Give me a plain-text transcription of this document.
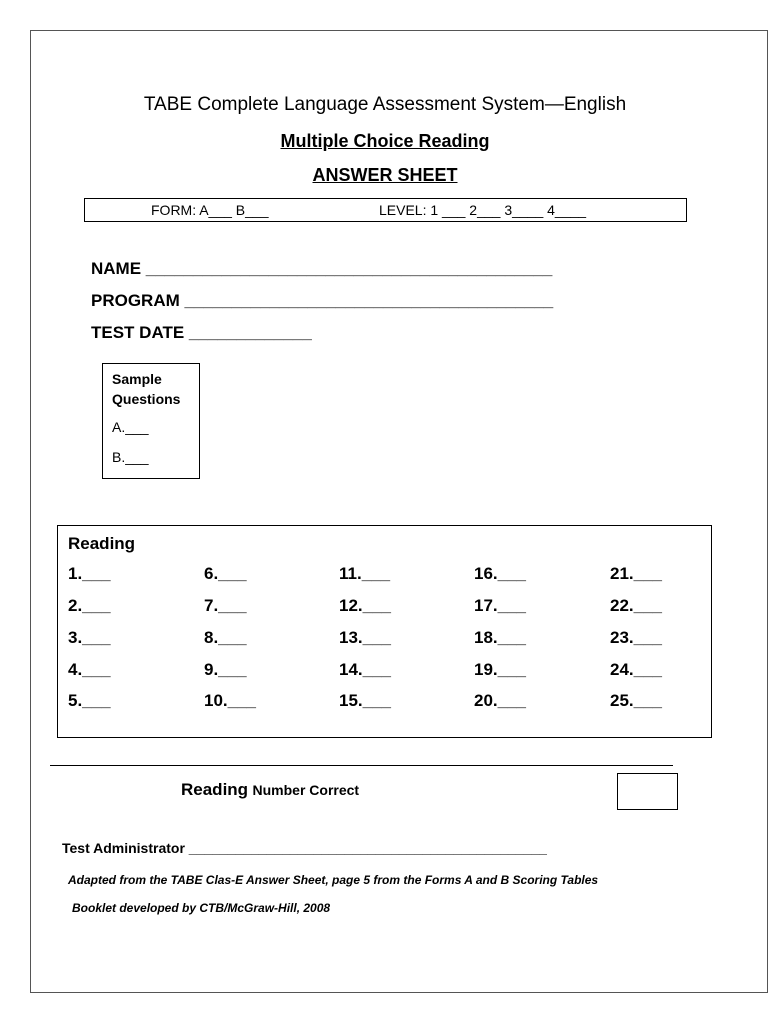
TABE Complete Language Assessment System—English
Multiple Choice Reading
ANSWER SHEET
FORM: A___ B___	LEVEL: 1 ___ 2___ 3____ 4____
NAME ___________________________________________
PROGRAM _______________________________________
TEST DATE _____________
Sample
Questions
A.___
B.___
Reading
1.___	6.___	11.___	16.___	21.___
2.___	7.___	12.___	17.___	22.___
3.___	8.___	13.___	18.___	23.___
4.___	9.___	14.___	19.___	24.___
5.___	10.___	15.___	20.___	25.___
Reading Number Correct
Test Administrator ______________________________________________
Adapted from the TABE Clas-E Answer Sheet, page 5 from the Forms A and B Scoring Tables
Booklet developed by CTB/McGraw-Hill, 2008
